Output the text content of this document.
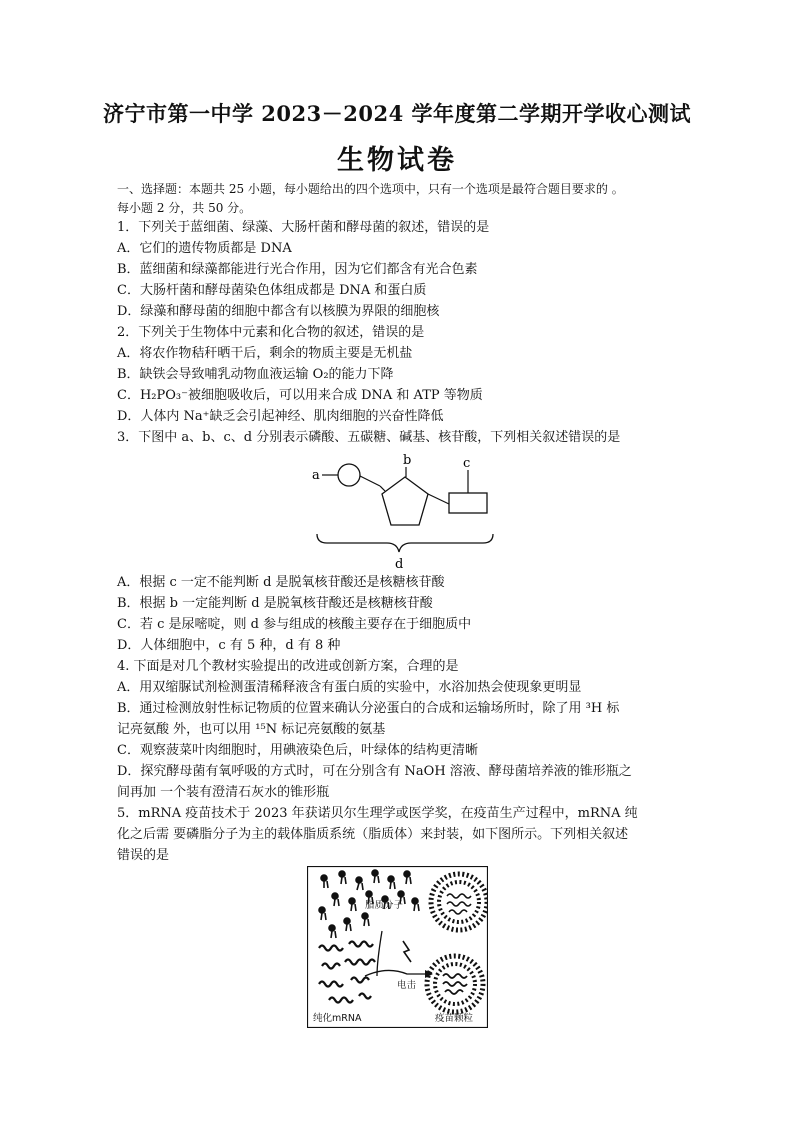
济宁市第一中学 2023－2024 学年度第二学期开学收心测试
生物试卷
一、选择题：本题共 25 小题，每小题给出的四个选项中，只有一个选项是最符合题目要求的 。
每小题 2 分，共 50 分。
1．下列关于蓝细菌、绿藻、大肠杆菌和酵母菌的叙述，错误的是
A．它们的遗传物质都是 DNA
B．蓝细菌和绿藻都能进行光合作用，因为它们都含有光合色素
C．大肠杆菌和酵母菌染色体组成都是 DNA 和蛋白质
D．绿藻和酵母菌的细胞中都含有以核膜为界限的细胞核
2．下列关于生物体中元素和化合物的叙述，错误的是
A．将农作物秸秆晒干后，剩余的物质主要是无机盐
B．缺铁会导致哺乳动物血液运输 O₂的能力下降
C．H₂PO₃⁻被细胞吸收后，可以用来合成 DNA 和 ATP 等物质
D．人体内 Na⁺缺乏会引起神经、肌肉细胞的兴奋性降低
3．下图中 a、b、c、d 分别表示磷酸、五碳糖、碱基、核苷酸，下列相关叙述错误的是
a
b	c
d
A．根据 c 一定不能判断 d 是脱氧核苷酸还是核糖核苷酸
B．根据 b 一定能判断 d 是脱氧核苷酸还是核糖核苷酸
C．若 c 是尿嘧啶，则 d 参与组成的核酸主要存在于细胞质中
D．人体细胞中，c 有 5 种，d 有 8 种
4. 下面是对几个教材实验提出的改进或创新方案，合理的是
A．用双缩脲试剂检测蛋清稀释液含有蛋白质的实验中，水浴加热会使现象更明显
B．通过检测放射性标记物质的位置来确认分泌蛋白的合成和运输场所时，除了用 ³H 标
记亮氨酸 外，也可以用 ¹⁵N 标记亮氨酸的氨基
C．观察菠菜叶肉细胞时，用碘液染色后，叶绿体的结构更清晰
D．探究酵母菌有氧呼吸的方式时，可在分别含有 NaOH 溶液、酵母菌培养液的锥形瓶之
间再加 一个装有澄清石灰水的锥形瓶
5．mRNA 疫苗技术于 2023 年获诺贝尔生理学或医学奖，在疫苗生产过程中，mRNA 纯
化之后需 要磷脂分子为主的载体脂质系统（脂质体）来封装，如下图所示。下列相关叙述
错误的是
脂质分子
电击
纯化mRNA	疫苗颗粒
